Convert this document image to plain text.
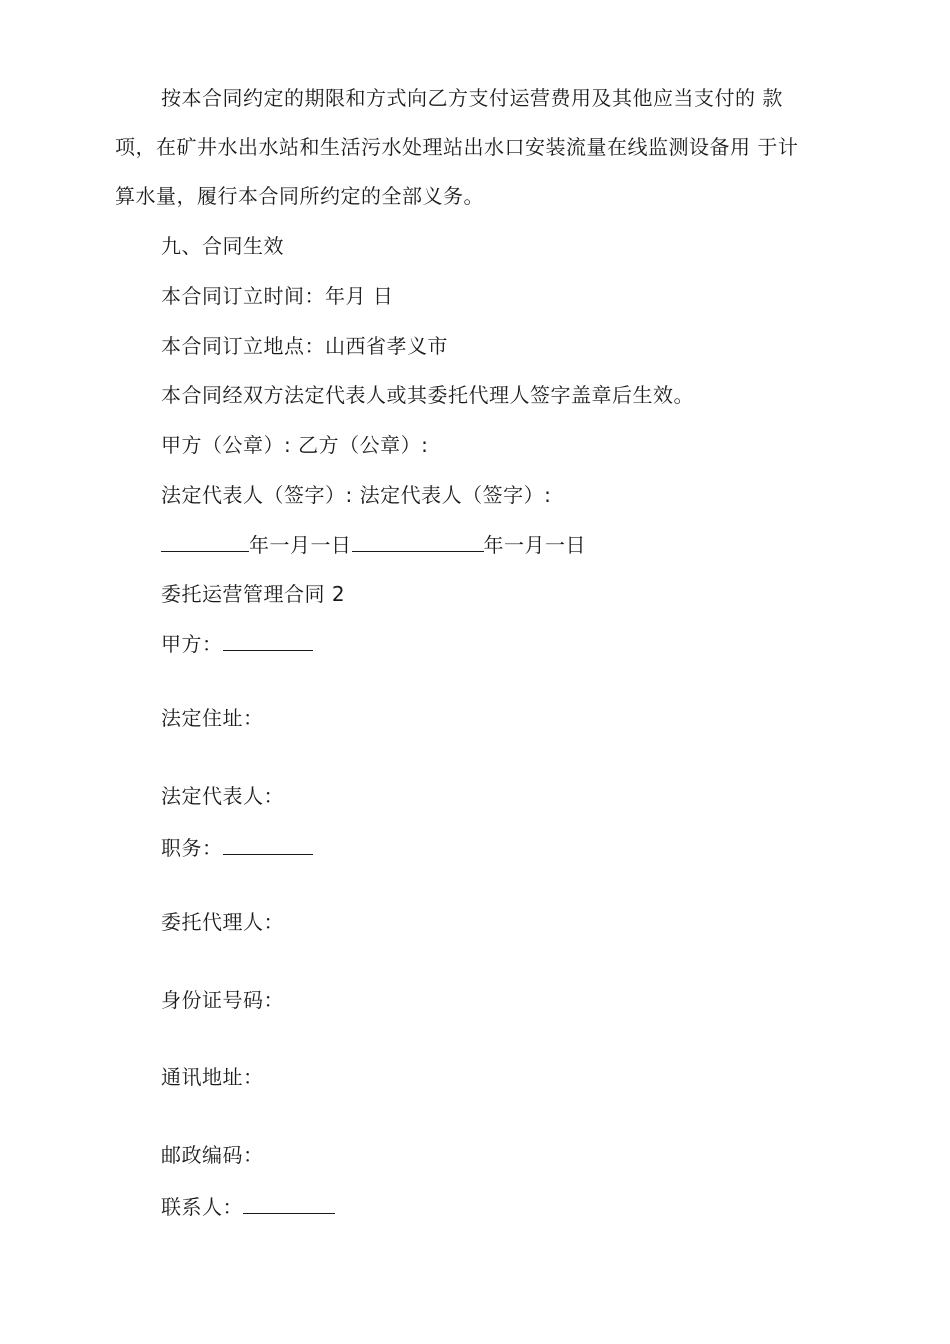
按本合同约定的期限和方式向乙方支付运营费用及其他应当支付的 款
项，在矿井水出水站和生活污水处理站出水口安装流量在线监测设备用 于计
算水量，履行本合同所约定的全部义务。
九、合同生效
本合同订立时间：年月 日
本合同订立地点：山西省孝义市
本合同经双方法定代表人或其委托代理人签字盖章后生效。
甲方（公章）: 乙方（公章）:
法定代表人（签字）: 法定代表人（签字）:
年一月一日	年一月一日
委托运营管理合同 2
甲方：
法定住址：
法定代表人：
职务：
委托代理人：
身份证号码：
通讯地址：
邮政编码：
联系人：
